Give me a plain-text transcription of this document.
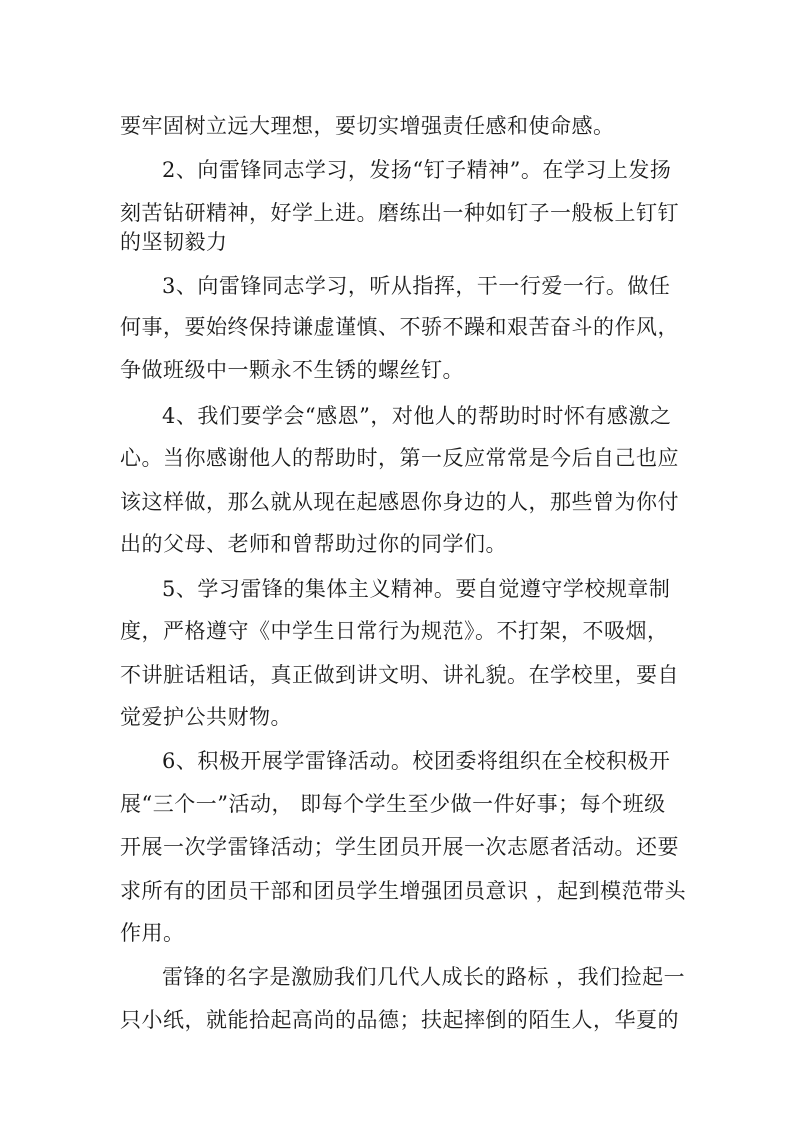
要牢固树立远大理想，要切实增强责任感和使命感。
2、向雷锋同志学习，发扬“钉子精神”。在学习上发扬
刻苦钻研精神，好学上进。磨练出一种如钉子一般板上钉钉
的坚韧毅力
3、向雷锋同志学习，听从指挥，干一行爱一行。做任
何事，要始终保持谦虚谨慎、不骄不躁和艰苦奋斗的作风，
争做班级中一颗永不生锈的螺丝钉。
4、我们要学会“感恩”，对他人的帮助时时怀有感激之
心。当你感谢他人的帮助时，第一反应常常是今后自己也应
该这样做，那么就从现在起感恩你身边的人，那些曾为你付
出的父母、老师和曾帮助过你的同学们。
5、学习雷锋的集体主义精神。要自觉遵守学校规章制
度，严格遵守《中学生日常行为规范》。不打架，不吸烟，
不讲脏话粗话，真正做到讲文明、讲礼貌。在学校里，要自
觉爱护公共财物。
6、积极开展学雷锋活动。校团委将组织在全校积极开
展“三个一”活动， 即每个学生至少做一件好事；每个班级
开展一次学雷锋活动；学生团员开展一次志愿者活动。还要
求所有的团员干部和团员学生增强团员意识 ，起到模范带头
作用。
雷锋的名字是激励我们几代人成长的路标 ，我们捡起一
只小纸，就能拾起高尚的品德；扶起摔倒的陌生人，华夏的
